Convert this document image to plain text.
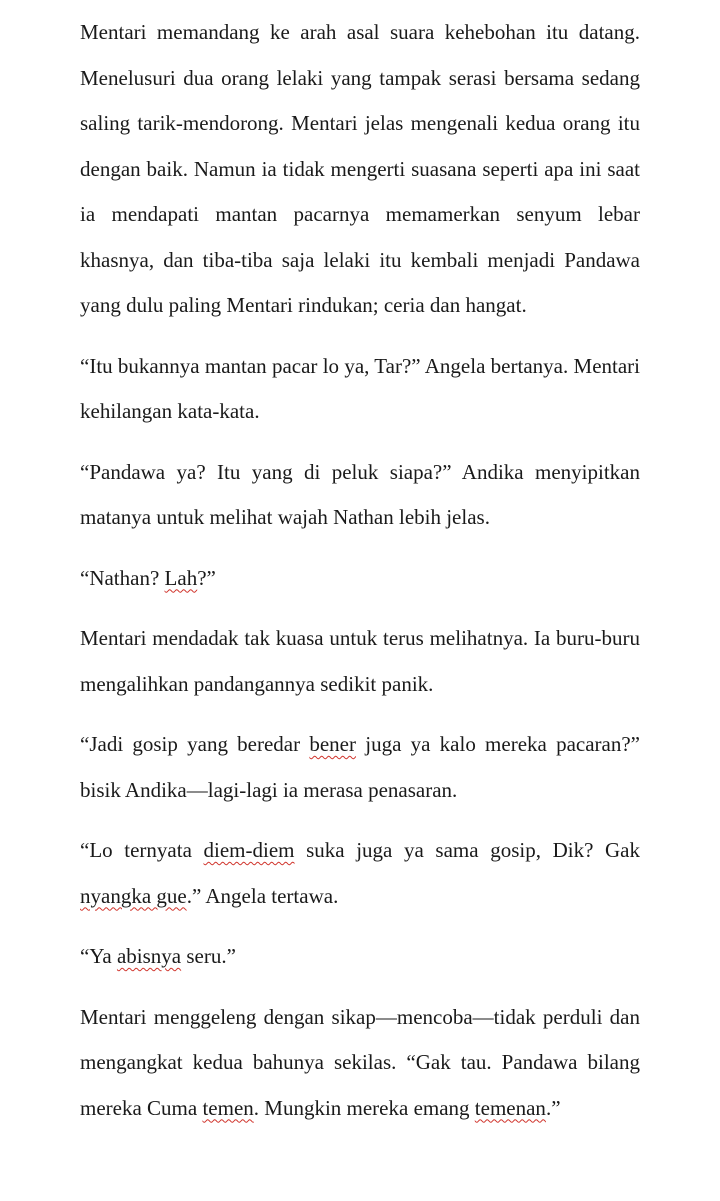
Mentari memandang ke arah asal suara kehebohan itu datang. Menelusuri dua orang lelaki yang tampak serasi bersama sedang saling tarik-mendorong. Mentari jelas mengenali kedua orang itu dengan baik. Namun ia tidak mengerti suasana seperti apa ini saat ia mendapati mantan pacarnya memamerkan senyum lebar khasnya, dan tiba-tiba saja lelaki itu kembali menjadi Pandawa yang dulu paling Mentari rindukan; ceria dan hangat.

“Itu bukannya mantan pacar lo ya, Tar?” Angela bertanya. Mentari kehilangan kata-kata.

“Pandawa ya? Itu yang di peluk siapa?” Andika menyipitkan matanya untuk melihat wajah Nathan lebih jelas.

“Nathan? Lah?”

Mentari mendadak tak kuasa untuk terus melihatnya. Ia buru-buru mengalihkan pandangannya sedikit panik.

“Jadi gosip yang beredar bener juga ya kalo mereka pacaran?” bisik Andika—lagi-lagi ia merasa penasaran.

“Lo ternyata diem-diem suka juga ya sama gosip, Dik? Gak nyangka gue.” Angela tertawa.

“Ya abisnya seru.”

Mentari menggeleng dengan sikap—mencoba—tidak perduli dan mengangkat kedua bahunya sekilas. “Gak tau. Pandawa bilang mereka Cuma temen. Mungkin mereka emang temenan.”
